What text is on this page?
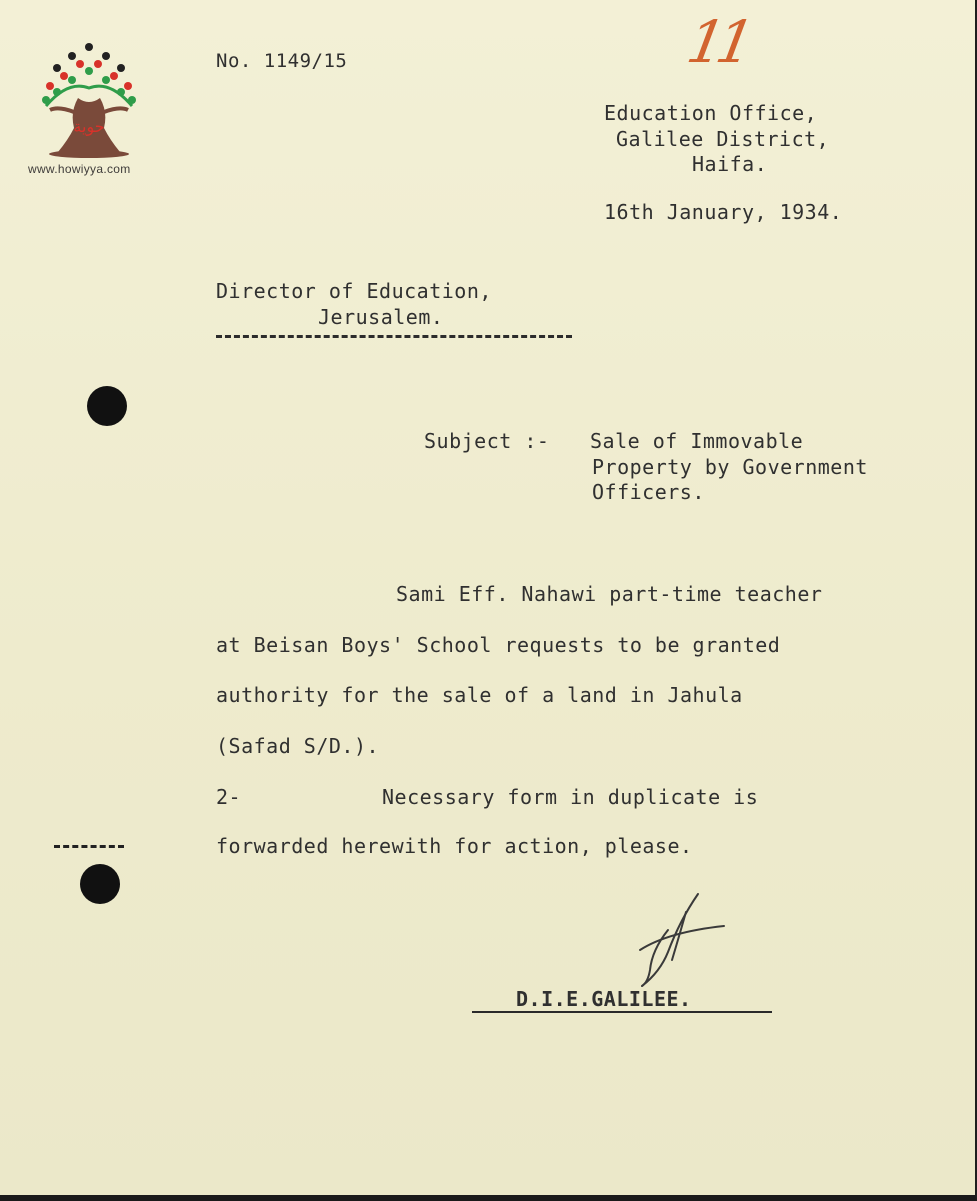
حوية
www.howiyya.com
11
No. 1149/15
Education Office,
Galilee District,
Haifa.
16th January, 1934.
Director of Education,
Jerusalem.
Subject :- Sale of Immovable
Property by Government
Officers.
Sami Eff. Nahawi part-time teacher
at Beisan Boys' School requests to be granted
authority for the sale of a land in Jahula
(Safad S/D.).
2-	Necessary form in duplicate is
forwarded herewith for action, please.
D.I.E.GALILEE.
